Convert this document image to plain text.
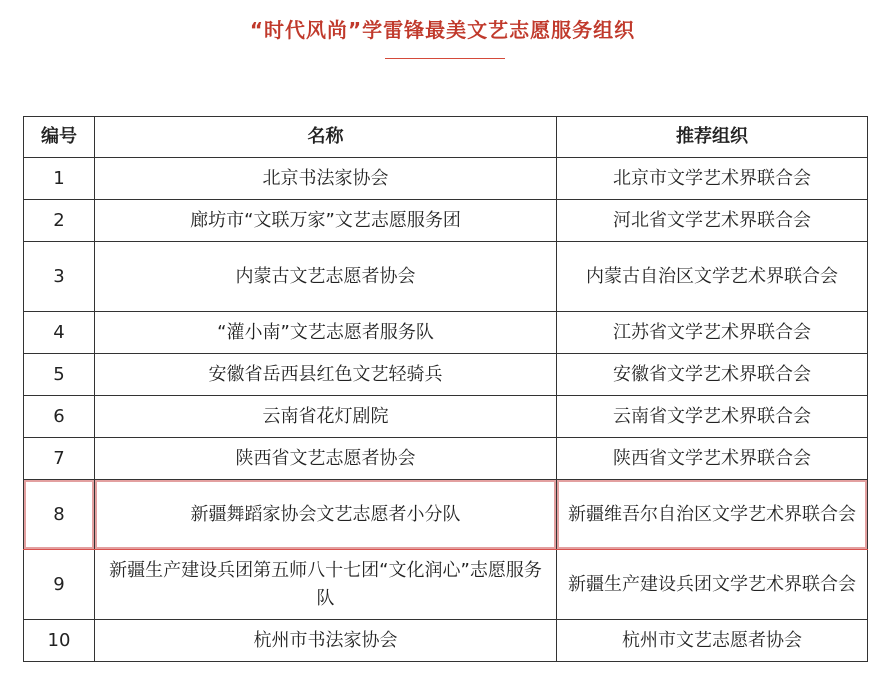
“时代风尚”学雷锋最美文艺志愿服务组织
编号	名称	推荐组织
1	北京书法家协会	北京市文学艺术界联合会
2	廊坊市“文联万家”文艺志愿服务团	河北省文学艺术界联合会
3	内蒙古文艺志愿者协会	内蒙古自治区文学艺术界联合会
4	“灌小南”文艺志愿者服务队	江苏省文学艺术界联合会
5	安徽省岳西县红色文艺轻骑兵	安徽省文学艺术界联合会
6	云南省花灯剧院	云南省文学艺术界联合会
7	陕西省文艺志愿者协会	陕西省文学艺术界联合会
8	新疆舞蹈家协会文艺志愿者小分队	新疆维吾尔自治区文学艺术界联合会
9	新疆生产建设兵团第五师八十七团“文化润心”志愿服务队	新疆生产建设兵团文学艺术界联合会
10	杭州市书法家协会	杭州市文艺志愿者协会
